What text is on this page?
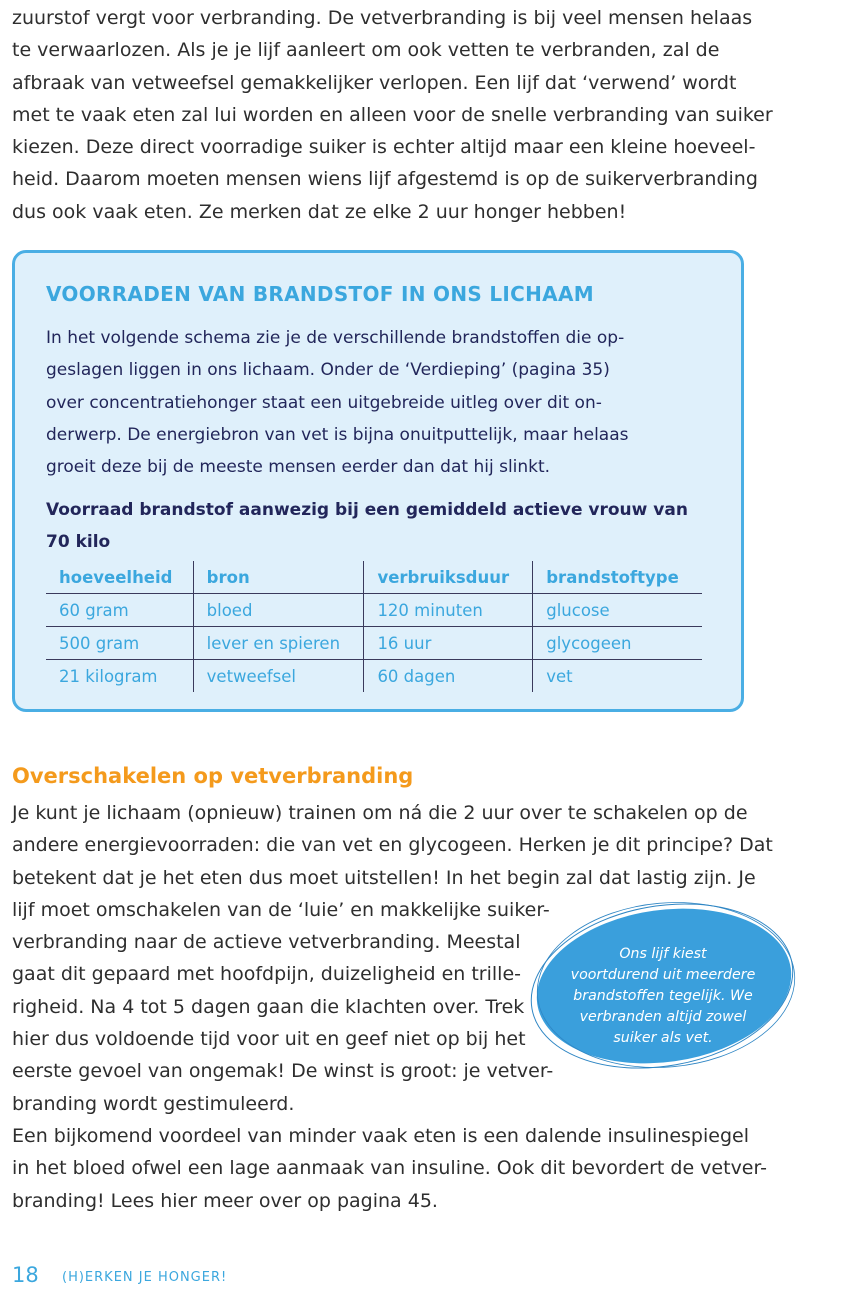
zuurstof vergt voor verbranding. De vetverbranding is bij veel mensen helaas
te verwaarlozen. Als je je lijf aanleert om ook vetten te verbranden, zal de
afbraak van vetweefsel gemakkelijker verlopen. Een lijf dat ‘verwend’ wordt
met te vaak eten zal lui worden en alleen voor de snelle verbranding van suiker
kiezen. Deze direct voorradige suiker is echter altijd maar een kleine hoeveel-
heid. Daarom moeten mensen wiens lijf afgestemd is op de suikerverbranding
dus ook vaak eten. Ze merken dat ze elke 2 uur honger hebben!

VOORRADEN VAN BRANDSTOF IN ONS LICHAAM

In het volgende schema zie je de verschillende brandstoffen die op-
geslagen liggen in ons lichaam. Onder de ‘Verdieping’ (pagina 35)
over concentratiehonger staat een uitgebreide uitleg over dit on-
derwerp. De energiebron van vet is bijna onuitputtelijk, maar helaas
groeit deze bij de meeste mensen eerder dan dat hij slinkt.

Voorraad brandstof aanwezig bij een gemiddeld actieve vrouw van
70 kilo

hoeveelheid	bron	verbruiksduur	brandstoftype
60 gram	bloed	120 minuten	glucose
500 gram	lever en spieren	16 uur	glycogeen
21 kilogram	vetweefsel	60 dagen	vet
Overschakelen op vetverbranding

Je kunt je lichaam (opnieuw) trainen om ná die 2 uur over te schakelen op de
andere energievoorraden: die van vet en glycogeen. Herken je dit principe? Dat
betekent dat je het eten dus moet uitstellen! In het begin zal dat lastig zijn. Je
lijf moet omschakelen van de ‘luie’ en makkelijke suiker-
verbranding naar de actieve vetverbranding. Meestal
gaat dit gepaard met hoofdpijn, duizeligheid en trille-
righeid. Na 4 tot 5 dagen gaan die klachten over. Trek
hier dus voldoende tijd voor uit en geef niet op bij het
eerste gevoel van ongemak! De winst is groot: je vetver-
branding wordt gestimuleerd.
Een bijkomend voordeel van minder vaak eten is een dalende insulinespiegel
in het bloed ofwel een lage aanmaak van insuline. Ook dit bevordert de vetver-
branding! Lees hier meer over op pagina 45.

Ons lijf kiest
voortdurend uit meerdere
brandstoffen tegelijk. We
verbranden altijd zowel
suiker als vet.

18 (H)ERKEN JE HONGER!
